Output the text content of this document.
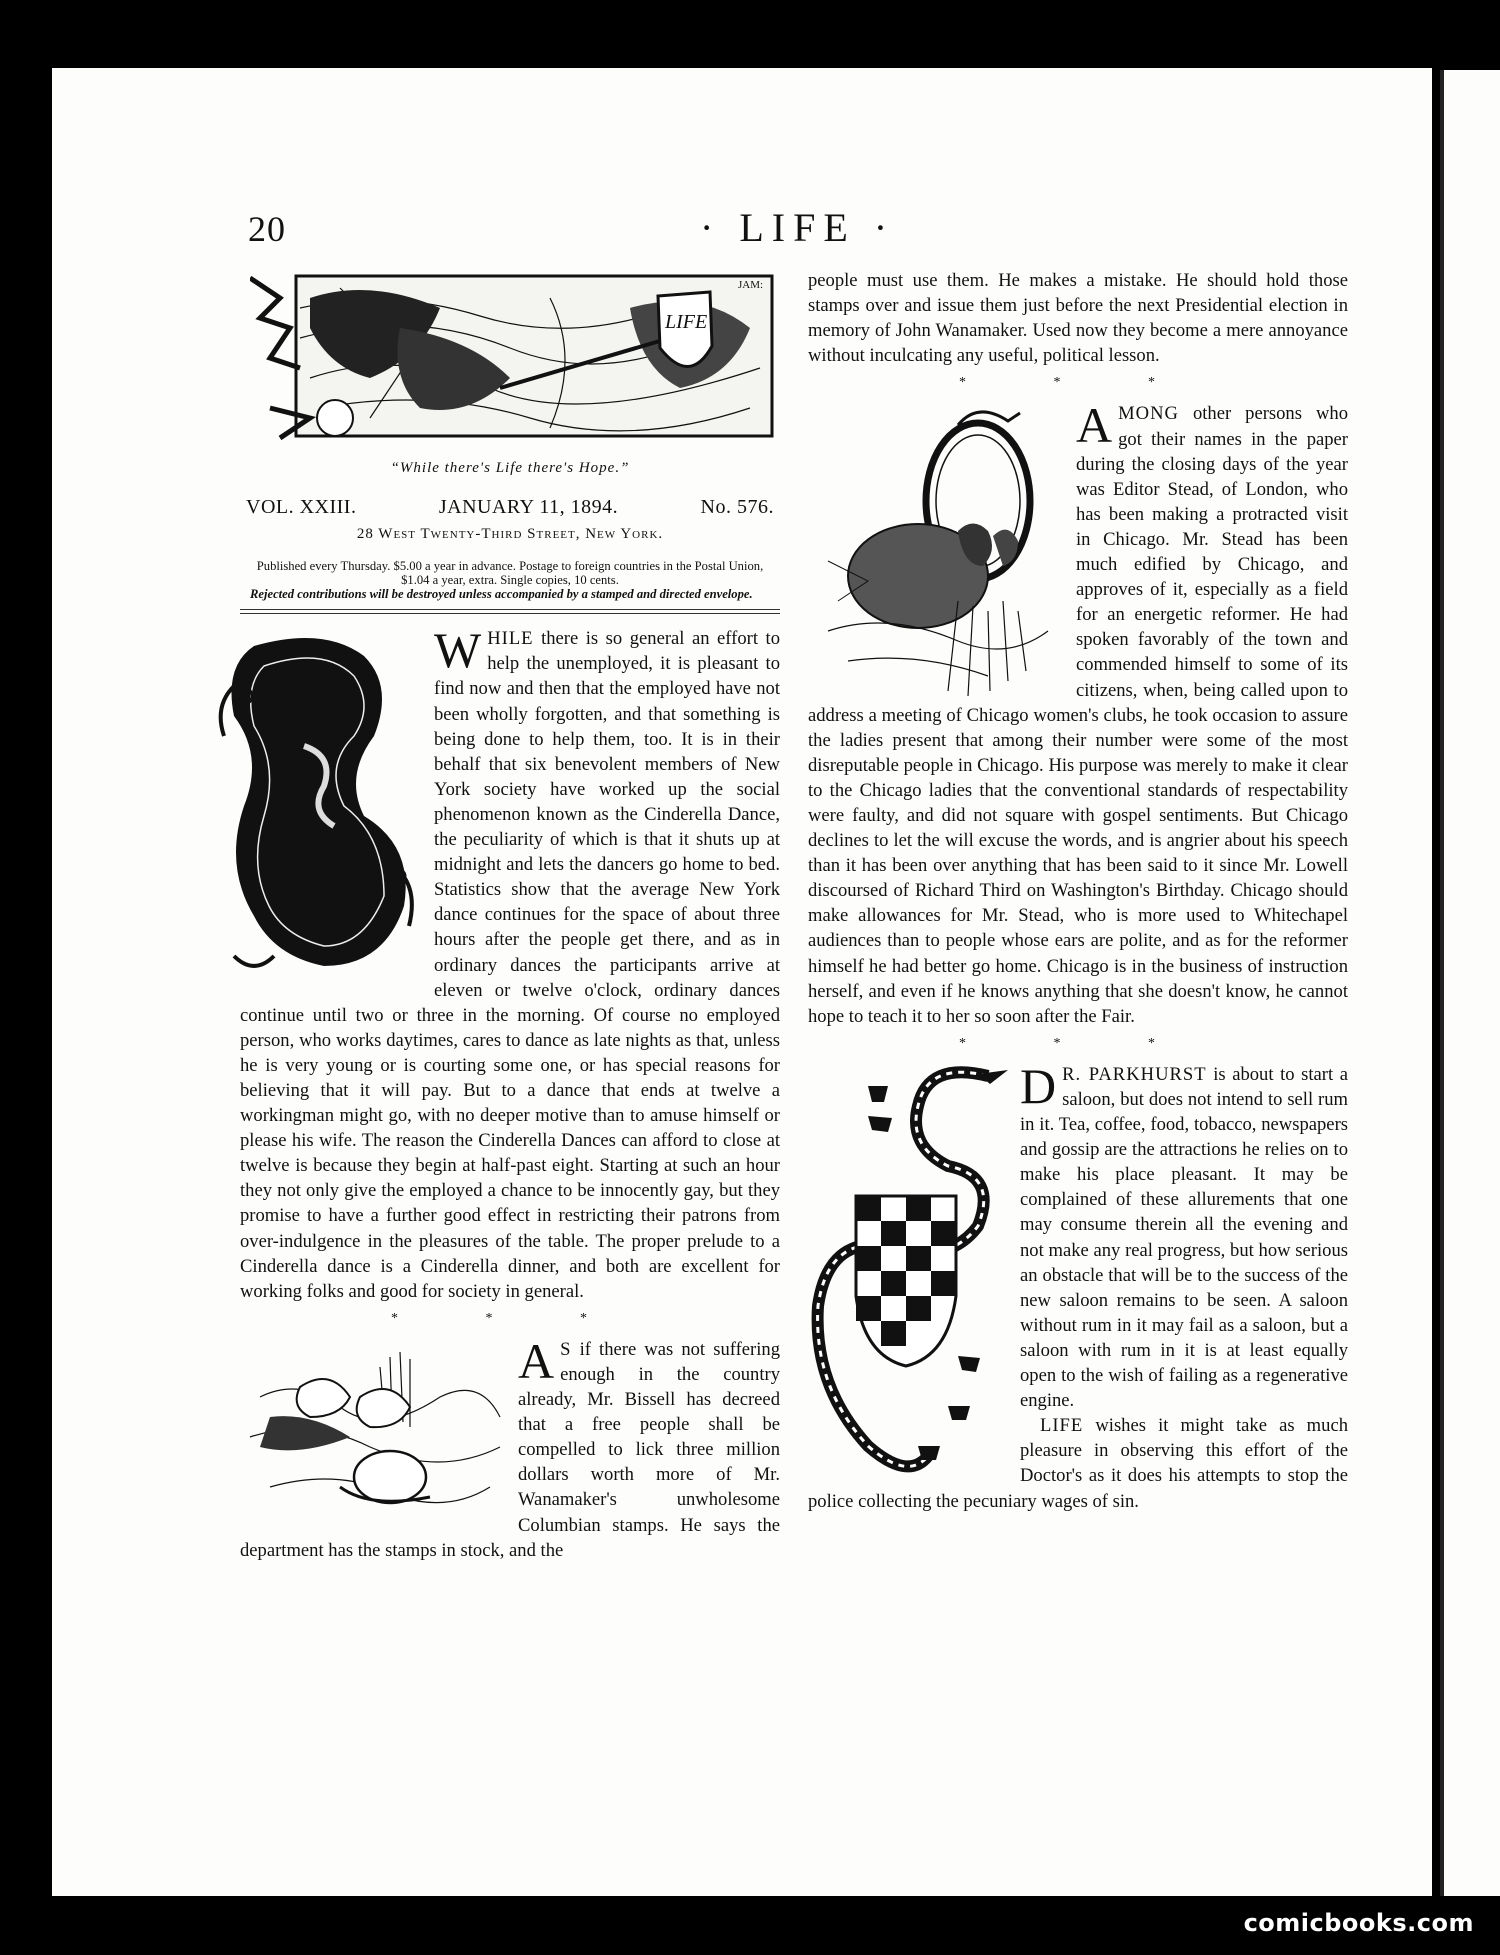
20	· LIFE ·
LIFE
JAM:
“While there's Life there's Hope.”
VOL. XXIII.	JANUARY 11, 1894.	No. 576.
28 West Twenty-Third Street, New York.
Published every Thursday. $5.00 a year in advance. Postage to foreign countries in the Postal Union, $1.04 a year, extra. Single copies, 10 cents.
Rejected contributions will be destroyed unless accompanied by a stamped and directed envelope.

WHILE there is so general an effort to help the unemployed, it is pleasant to find now and then that the employed have not been wholly forgotten, and that something is being done to help them, too. It is in their behalf that six benevolent members of New York society have worked up the social phenomenon known as the Cinderella Dance, the peculiarity of which is that it shuts up at midnight and lets the dancers go home to bed. Statistics show that the average New York dance continues for the space of about three hours after the people get there, and as in ordinary dances the participants arrive at eleven or twelve o'clock, ordinary dances continue until two or three in the morning. Of course no employed person, who works daytimes, cares to dance as late nights as that, unless he is very young or is courting some one, or has special reasons for believing that it will pay. But to a dance that ends at twelve a workingman might go, with no deeper motive than to amuse himself or please his wife. The reason the Cinderella Dances can afford to close at twelve is because they begin at half-past eight. Starting at such an hour they not only give the employed a chance to be innocently gay, but they promise to have a further good effect in restricting their patrons from over-indulgence in the pleasures of the table. The proper prelude to a Cinderella dance is a Cinderella dinner, and both are excellent for working folks and good for society in general.

* * *

A S if there was not suffering enough in the country already, Mr. Bissell has decreed that a free people shall be compelled to lick three million dollars worth more of Mr. Wanamaker's unwholesome Columbian stamps. He says the department has the stamps in stock, and the

people must use them. He makes a mistake. He should hold those stamps over and issue them just before the next Presidential election in memory of John Wanamaker. Used now they become a mere annoyance without inculcating any useful, political lesson.

* * *

AMONG other persons who got their names in the paper during the closing days of the year was Editor Stead, of London, who has been making a protracted visit in Chicago. Mr. Stead has been much edified by Chicago, and approves of it, especially as a field for an energetic reformer. He had spoken favorably of the town and commended himself to some of its citizens, when, being called upon to address a meeting of Chicago women's clubs, he took occasion to assure the ladies present that among their number were some of the most disreputable people in Chicago. His purpose was merely to make it clear to the Chicago ladies that the conventional standards of respectability were faulty, and did not square with gospel sentiments. But Chicago declines to let the will excuse the words, and is angrier about his speech than it has been over anything that has been said to it since Mr. Lowell discoursed of Richard Third on Washington's Birthday. Chicago should make allowances for Mr. Stead, who is more used to Whitechapel audiences than to people whose ears are polite, and as for the reformer himself he had better go home. Chicago is in the business of instruction herself, and even if he knows anything that she doesn't know, he cannot hope to teach it to her so soon after the Fair.

* * *

D R. PARKHURST is about to start a saloon, but does not intend to sell rum in it. Tea, coffee, food, tobacco, newspapers and gossip are the attractions he relies on to make his place pleasant. It may be complained of these allurements that one may consume therein all the evening and not make any real progress, but how serious an obstacle that will be to the success of the new saloon remains to be seen. A saloon without rum in it may fail as a saloon, but a saloon with rum in it is at least equally open to the wish of failing as a regenerative engine.

LIFE wishes it might take as much pleasure in observing this effort of the Doctor's as it does his attempts to stop the police collecting the pecuniary wages of sin.

comicbooks.com
